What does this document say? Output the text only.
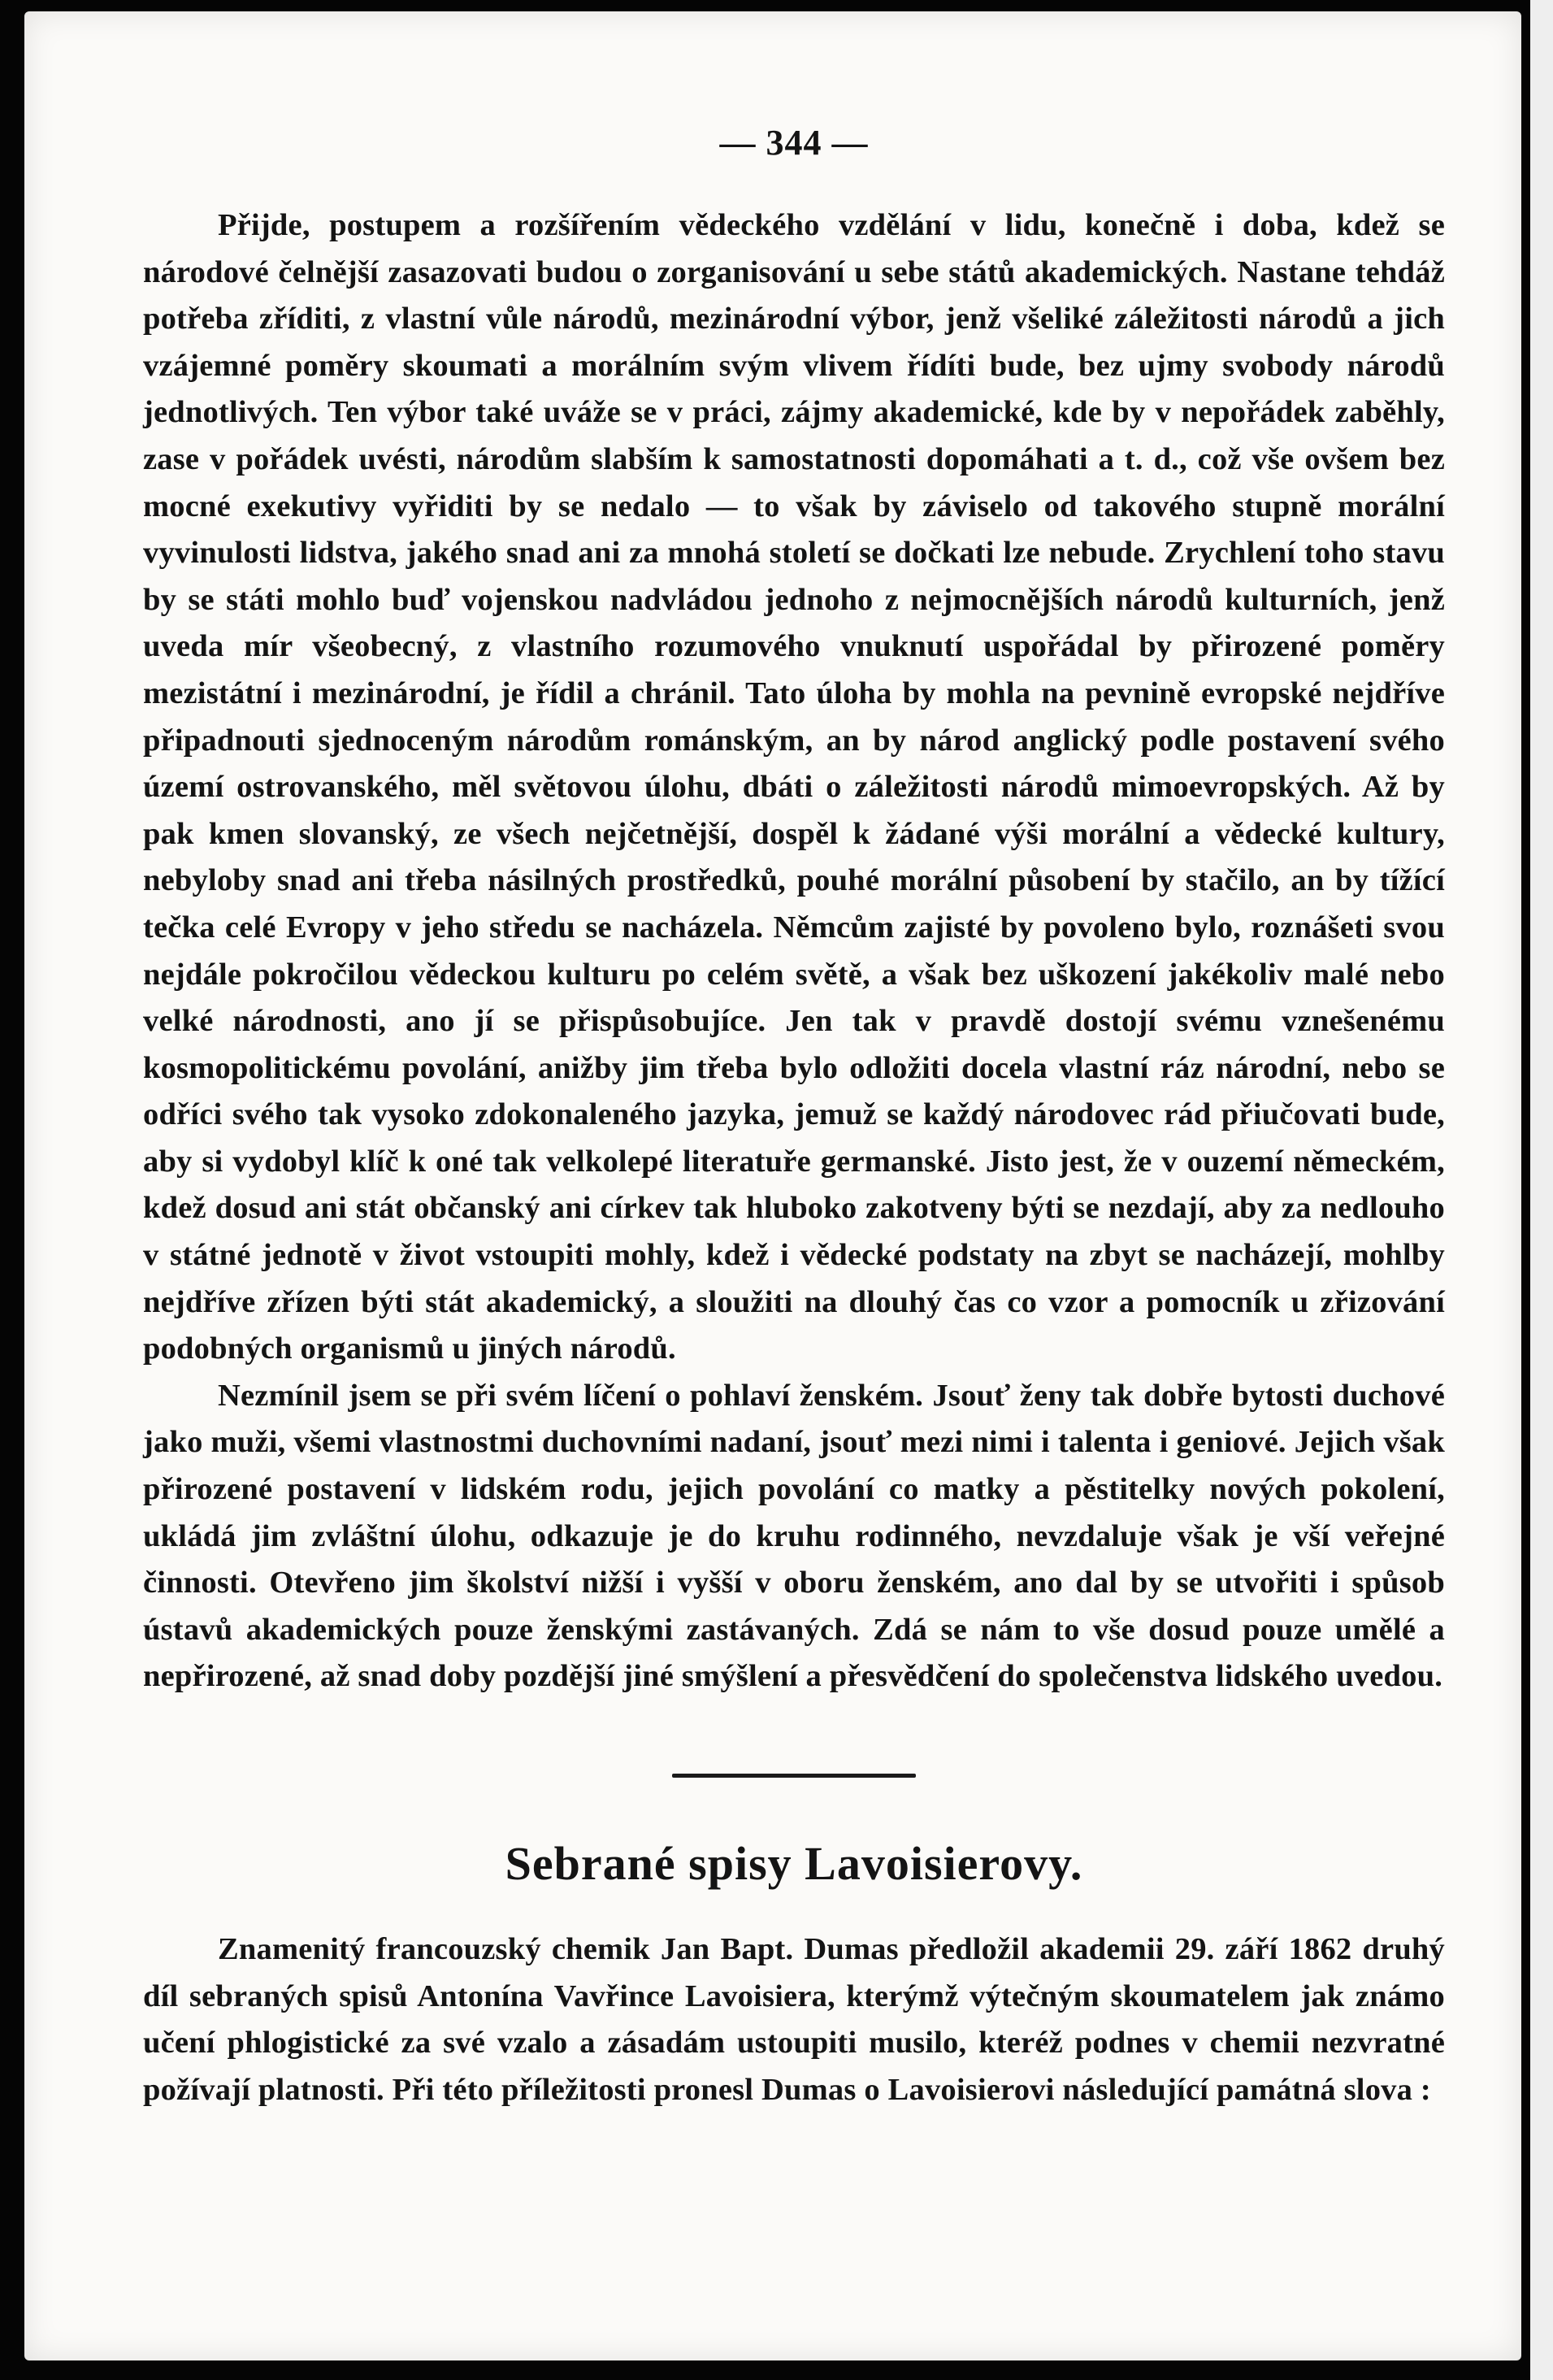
— 344 —

Přijde, postupem a rozšířením vědeckého vzdělání v lidu, konečně i doba, kdež se národové čelnější zasazovati budou o zorganisování u sebe států akademických. Nastane tehdáž potřeba zříditi, z vlastní vůle národů, mezinárodní výbor, jenž všeliké záležitosti národů a jich vzájemné poměry skoumati a morálním svým vlivem řídíti bude, bez ujmy svobody národů jednotlivých. Ten výbor také uváže se v práci, zájmy akademické, kde by v nepořádek zaběhly, zase v pořádek uvésti, národům slabším k samostatnosti dopomáhati a t. d., což vše ovšem bez mocné exekutivy vyřiditi by se nedalo — to však by záviselo od takového stupně morální vyvinulosti lidstva, jakého snad ani za mnohá století se dočkati lze nebude. Zrychlení toho stavu by se státi mohlo buď vojenskou nadvládou jednoho z nejmocnějších národů kulturních, jenž uveda mír všeobecný, z vlastního rozumového vnuknutí uspořádal by přirozené poměry mezistátní i mezinárodní, je řídil a chránil. Tato úloha by mohla na pevnině evropské nejdříve připadnouti sjednoceným národům románským, an by národ anglický podle postavení svého území ostrovanského, měl světovou úlohu, dbáti o záležitosti národů mimoevropských. Až by pak kmen slovanský, ze všech nejčetnější, dospěl k žádané výši morální a vědecké kultury, nebyloby snad ani třeba násilných prostředků, pouhé morální působení by stačilo, an by tížící tečka celé Evropy v jeho středu se nacházela. Němcům zajisté by povoleno bylo, roznášeti svou nejdále pokročilou vědeckou kulturu po celém světě, a však bez uškození jakékoliv malé nebo velké národnosti, ano jí se přispůsobujíce. Jen tak v pravdě dostojí svému vznešenému kosmopolitickému povolání, anižby jim třeba bylo odložiti docela vlastní ráz národní, nebo se odříci svého tak vysoko zdokonaleného jazyka, jemuž se každý národovec rád přiučovati bude, aby si vydobyl klíč k oné tak velkolepé literatuře germanské. Jisto jest, že v ouzemí německém, kdež dosud ani stát občanský ani církev tak hluboko zakotveny býti se nezdají, aby za nedlouho v státné jednotě v život vstoupiti mohly, kdež i vědecké podstaty na zbyt se nacházejí, mohlby nejdříve zřízen býti stát akademický, a sloužiti na dlouhý čas co vzor a pomocník u zřizování podobných organismů u jiných národů.

Nezmínil jsem se při svém líčení o pohlaví ženském. Jsouť ženy tak dobře bytosti duchové jako muži, všemi vlastnostmi duchovními nadaní, jsouť mezi nimi i talenta i geniové. Jejich však přirozené postavení v lidském rodu, jejich povolání co matky a pěstitelky nových pokolení, ukládá jim zvláštní úlohu, odkazuje je do kruhu rodinného, nevzdaluje však je vší veřejné činnosti. Otevřeno jim školství nižší i vyšší v oboru ženském, ano dal by se utvořiti i spůsob ústavů akademických pouze ženskými zastávaných. Zdá se nám to vše dosud pouze umělé a nepřirozené, až snad doby pozdější jiné smýšlení a přesvědčení do společenstva lidského uvedou.

Sebrané spisy Lavoisierovy.

Znamenitý francouzský chemik Jan Bapt. Dumas předložil akademii 29. září 1862 druhý díl sebraných spisů Antonína Vavřince Lavoisiera, kterýmž výtečným skoumatelem jak známo učení phlogistické za své vzalo a zásadám ustoupiti musilo, kteréž podnes v chemii nezvratné požívají platnosti. Při této příležitosti pronesl Dumas o Lavoisierovi následující památná slova :
